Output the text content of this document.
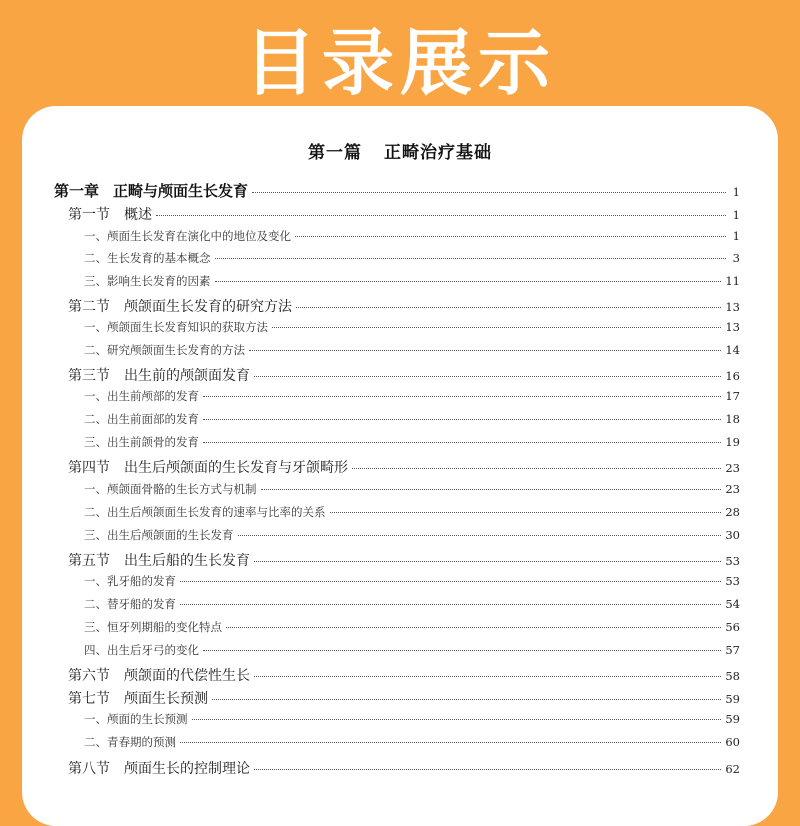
目录展示
第一篇 正畸治疗基础
第一章 正畸与颅面生长发育	1
第一节 概述	1
一、颅面生长发育在演化中的地位及变化	1
二、生长发育的基本概念	3
三、影响生长发育的因素	11
第二节 颅颌面生长发育的研究方法	13
一、颅颌面生长发育知识的获取方法	13
二、研究颅颌面生长发育的方法	14
第三节 出生前的颅颌面发育	16
一、出生前颅部的发育	17
二、出生前面部的发育	18
三、出生前颌骨的发育	19
第四节 出生后颅颌面的生长发育与牙颌畸形	23
一、颅颌面骨骼的生长方式与机制	23
二、出生后颅颌面生长发育的速率与比率的关系	28
三、出生后颅颌面的生长发育	30
第五节 出生后船的生长发育	53
一、乳牙船的发育	53
二、替牙船的发育	54
三、恒牙列期船的变化特点	56
四、出生后牙弓的变化	57
第六节 颅颌面的代偿性生长	58
第七节 颅面生长预测	59
一、颅面的生长预测	59
二、青春期的预测	60
第八节 颅面生长的控制理论	62
